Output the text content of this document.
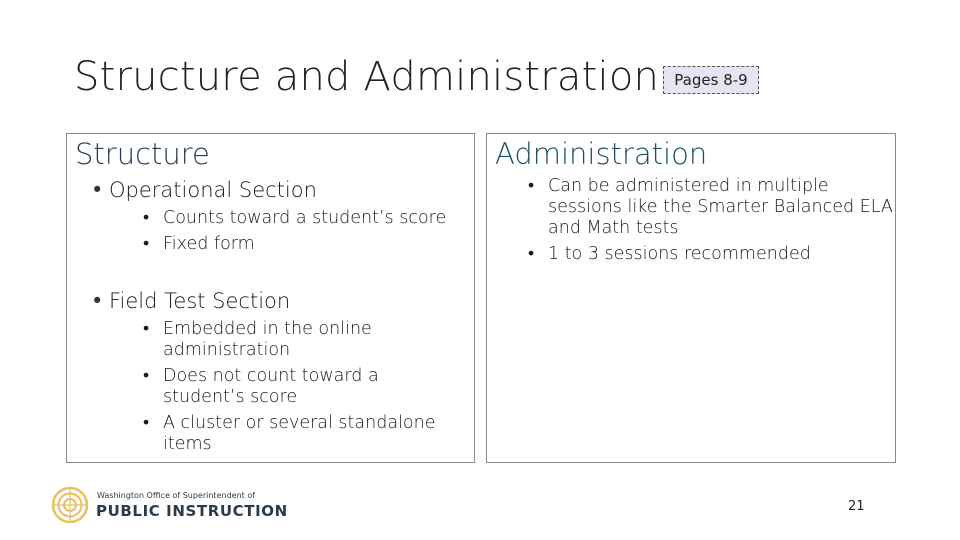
Structure and Administration	Pages 8-9
Structure
• Operational Section
• Counts toward a student’s score
• Fixed form
• Field Test Section
• Embedded in the online administration
• Does not count toward a student’s score
• A cluster or several standalone items
Administration
• Can be administered in multiple sessions like the Smarter Balanced ELA and Math tests
• 1 to 3 sessions recommended
Washington Office of Superintendent of
PUBLIC INSTRUCTION	21
